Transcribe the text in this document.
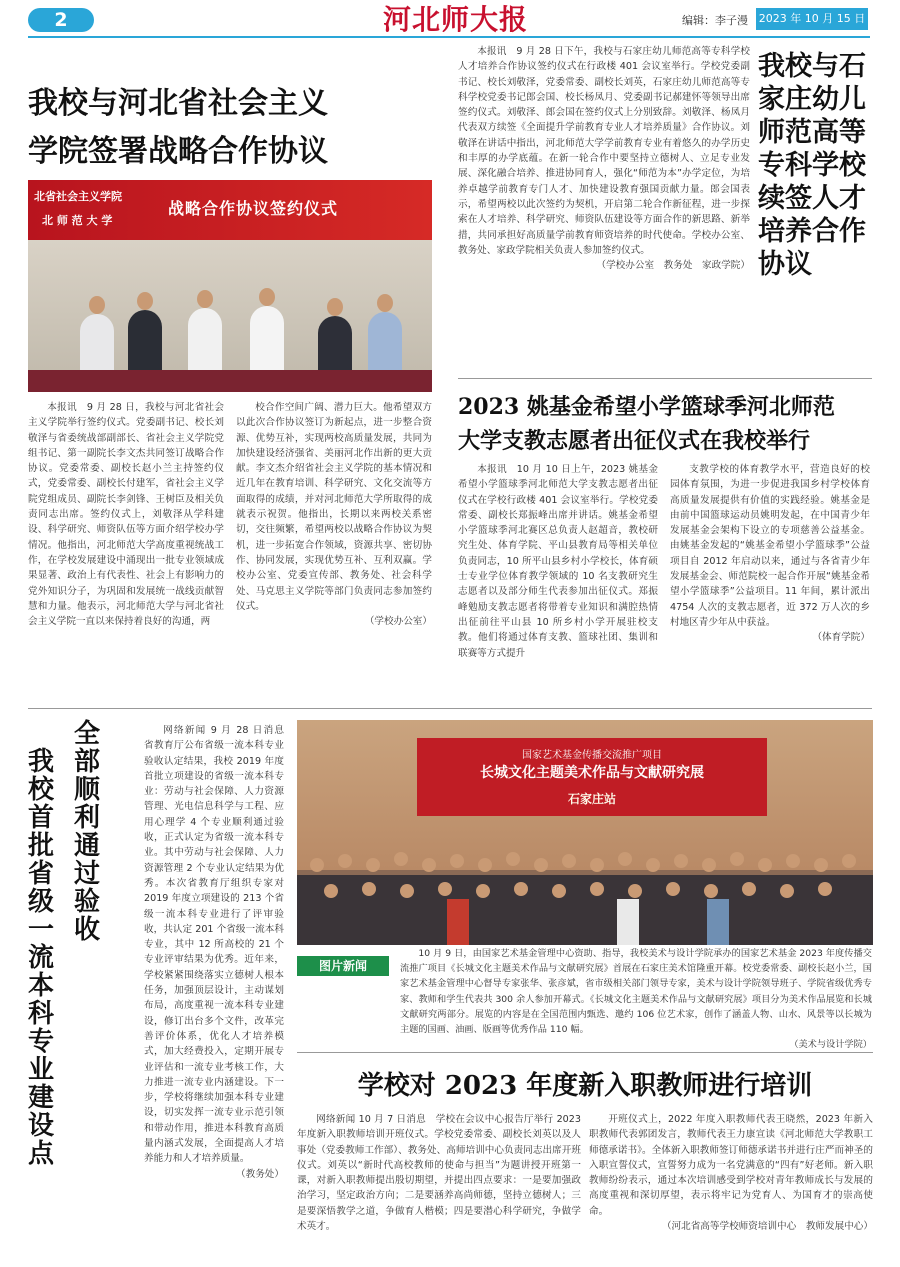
2	河北师大报	编辑：李子漫 2023 年 10 月 15 日
我校与河北省社会主义
学院签署战略合作协议
北省社会主义学院
北 师 范 大 学
战略合作协议签约仪式
本报讯　9 月 28 日，我校与河北省社会主义学院举行签约仪式。党委副书记、校长刘敬泽与省委统战部副部长、省社会主义学院党组书记、第一副院长李文杰共同签订战略合作协议。党委常委、副校长赵小兰主持签约仪式，党委常委、副校长付建军，省社会主义学院党组成员、副院长李剑锋、王树臣及相关负责同志出席。签约仪式上，刘敬泽从学科建设、科学研究、师资队伍等方面介绍学校办学情况。他指出，河北师范大学高度重视统战工作，在学校发展建设中涌现出一批专业领域成果显著、政治上有代表性、社会上有影响力的党外知识分子，为巩固和发展统一战线贡献智慧和力量。他表示，河北师范大学与河北省社会主义学院一直以来保持着良好的沟通，两
校合作空间广阔、潜力巨大。他希望双方以此次合作协议签订为新起点，进一步整合资源、优势互补，实现两校高质量发展，共同为加快建设经济强省、美丽河北作出新的更大贡献。李文杰介绍省社会主义学院的基本情况和近几年在教育培训、科学研究、文化交流等方面取得的成绩，并对河北师范大学所取得的成就表示祝贺。他指出，长期以来两校关系密切，交往频繁，希望两校以战略合作协议为契机，进一步拓宽合作领域，资源共享、密切协作、协同发展，实现优势互补、互利双赢。学校办公室、党委宣传部、教务处、社会科学处、马克思主义学院等部门负责同志参加签约仪式。
（学校办公室）
本报讯　9 月 28 日下午，我校与石家庄幼儿师范高等专科学校人才培养合作协议签约仪式在行政楼 401 会议室举行。学校党委副书记、校长刘敬泽，党委常委、副校长刘英，石家庄幼儿师范高等专科学校党委书记郎会国、校长杨凤月、党委副书记郝建怀等领导出席签约仪式。刘敬泽、郎会国在签约仪式上分别致辞。刘敬泽、杨凤月代表双方续签《全面提升学前教育专业人才培养质量》合作协议。刘敬泽在讲话中指出，河北师范大学学前教育专业有着悠久的办学历史和丰厚的办学底蕴。在新一轮合作中要坚持立德树人、立足专业发展、深化融合培养、推进协同育人，强化“师范为本”办学定位，为培养卓越学前教育专门人才、加快建设教育强国贡献力量。郎会国表示，希望两校以此次签约为契机，开启第二轮合作新征程，进一步探索在人才培养、科学研究、师资队伍建设等方面合作的新思路、新举措，共同承担好高质量学前教育师资培养的时代使命。学校办公室、教务处、家政学院相关负责人参加签约仪式。
（学校办公室　教务处　家政学院）
我校与石家庄幼儿师范高等专科学校续签人才培养合作协议
2023 姚基金希望小学篮球季河北师范
大学支教志愿者出征仪式在我校举行
本报讯　10 月 10 日上午，2023 姚基金希望小学篮球季河北师范大学支教志愿者出征仪式在学校行政楼 401 会议室举行。学校党委常委、副校长郑振峰出席并讲话。姚基金希望小学篮球季河北赛区总负责人赵超音，教校研究生处、体育学院、平山县教育局等相关单位负责同志，10 所平山县乡村小学校长，体育硕士专业学位体育教学领域的 10 名支教研究生志愿者以及部分师生代表参加出征仪式。郑振峰勉励支教志愿者将带着专业知识和满腔热情出征前往平山县 10 所乡村小学开展驻校支教。他们将通过体育支教、篮球社团、集训和联赛等方式提升
支教学校的体育教学水平，营造良好的校园体育氛围，为进一步促进我国乡村学校体育高质量发展提供有价值的实践经验。姚基金是由前中国篮球运动员姚明发起，在中国青少年发展基金会架构下设立的专项慈善公益基金。由姚基金发起的“姚基金希望小学篮球季”公益项目自 2012 年启动以来，通过与各省青少年发展基金会、师范院校一起合作开展“姚基金希望小学篮球季”公益项目。11 年间，累计派出 4754 人次的支教志愿者，近 372 万人次的乡村地区青少年从中获益。
（体育学院）
全部顺利通过验收
我校首批省级一流本科专业建设点
网络新闻 9 月 28 日消息　省教育厅公布省级一流本科专业验收认定结果，我校 2019 年度首批立项建设的省级一流本科专业：劳动与社会保障、人力资源管理、光电信息科学与工程、应用心理学 4 个专业顺利通过验收，正式认定为省级一流本科专业。其中劳动与社会保障、人力资源管理 2 个专业认定结果为优秀。本次省教育厅组织专家对 2019 年度立项建设的 213 个省级一流本科专业进行了评审验收，共认定 201 个省级一流本科专业，其中 12 所高校的 21 个专业评审结果为优秀。近年来，学校紧紧围绕落实立德树人根本任务，加强顶层设计，主动谋划布局，高度重视一流本科专业建设，修订出台多个文件，改革完善评价体系，优化人才培养模式，加大经费投入，定期开展专业评估和一流专业考核工作，大力推进一流专业内涵建设。下一步，学校将继续加强本科专业建设，切实发挥一流专业示范引领和带动作用，推进本科教育高质量内涵式发展，全面提高人才培养能力和人才培养质量。
（教务处）
国家艺术基金传播交流推广项目
长城文化主题美术作品与文献研究展
石家庄站
图片新闻
10 月 9 日，由国家艺术基金管理中心资助、指导，我校美术与设计学院承办的国家艺术基金 2023 年度传播交流推广项目《长城文化主题美术作品与文献研究展》首展在石家庄美术馆隆重开幕。校党委常委、副校长赵小兰，国家艺术基金管理中心督导专家张华、张彦斌，省市级相关部门领导专家，美术与设计学院领导班子、学院省级优秀专家、教师和学生代表共 300 余人参加开幕式。《长城文化主题美术作品与文献研究展》项目分为美术作品展览和长城文献研究两部分。展览的内容是在全国范围内甄选、邀约 106 位艺术家，创作了涵盖人物、山水、风景等以长城为主题的国画、油画、版画等优秀作品 110 幅。
（美术与设计学院）
学校对 2023 年度新入职教师进行培训
网络新闻 10 月 7 日消息　学校在会议中心报告厅举行 2023 年度新入职教师培训开班仪式。学校党委常委、副校长刘英以及人事处（党委教师工作部）、教务处、高师培训中心负责同志出席开班仪式。刘英以“新时代高校教师的使命与担当”为题讲授开班第一课，对新入职教师提出殷切期望，并提出四点要求：一是要加强政治学习，坚定政治方向；二是要涵养高尚师德，坚持立德树人；三是要深悟教学之道，争做育人楷模；四是要潜心科学研究，争做学术英才。
开班仪式上，2022 年度入职教师代表王晓然，2023 年新入职教师代表郭团发言，教师代表王力康宣读《河北师范大学教职工师德承诺书》。全体新入职教师签订师德承诺书并进行庄严而神圣的入职宣誓仪式，宣誓努力成为一名党满意的“四有”好老师。新入职教师纷纷表示，通过本次培训感受到学校对青年教师成长与发展的高度重视和深切厚望，表示将牢记为党育人、为国育才的崇高使命。
（河北省高等学校师资培训中心　教师发展中心）
